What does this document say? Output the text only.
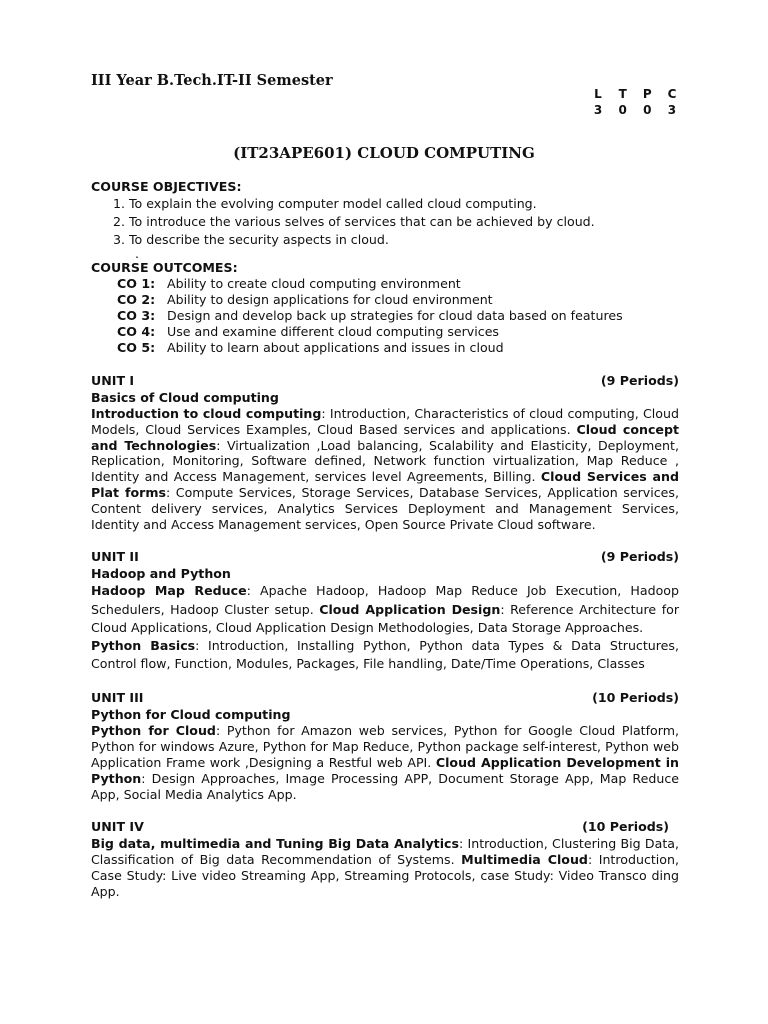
III Year B.Tech.IT-II Semester
L T P C
3 0 0 3
(IT23APE601) CLOUD COMPUTING
COURSE OBJECTIVES:
1. To explain the evolving computer model called cloud computing.
2. To introduce the various selves of services that can be achieved by cloud.
3. To describe the security aspects in cloud.
.
COURSE OUTCOMES:
CO 1: Ability to create cloud computing environment
CO 2: Ability to design applications for cloud environment
CO 3: Design and develop back up strategies for cloud data based on features
CO 4: Use and examine different cloud computing services
CO 5: Ability to learn about applications and issues in cloud
UNIT I	(9 Periods)
Basics of Cloud computing
Introduction to cloud computing: Introduction, Characteristics of cloud computing, Cloud Models, Cloud Services Examples, Cloud Based services and applications. Cloud concept and Technologies: Virtualization ,Load balancing, Scalability and Elasticity, Deployment, Replication, Monitoring, Software defined, Network function virtualization, Map Reduce , Identity and Access Management, services level Agreements, Billing. Cloud Services and Plat forms: Compute Services, Storage Services, Database Services, Application services, Content delivery services, Analytics Services Deployment and Management Services, Identity and Access Management services, Open Source Private Cloud software.
UNIT II	(9 Periods)
Hadoop and Python
Hadoop Map Reduce: Apache Hadoop, Hadoop Map Reduce Job Execution, Hadoop Schedulers, Hadoop Cluster setup. Cloud Application Design: Reference Architecture for Cloud Applications, Cloud Application Design Methodologies, Data Storage Approaches.
Python Basics: Introduction, Installing Python, Python data Types & Data Structures, Control flow, Function, Modules, Packages, File handling, Date/Time Operations, Classes
UNIT III	(10 Periods)
Python for Cloud computing
Python for Cloud: Python for Amazon web services, Python for Google Cloud Platform, Python for windows Azure, Python for Map Reduce, Python package self-interest, Python web Application Frame work ,Designing a Restful web API. Cloud Application Development in Python: Design Approaches, Image Processing APP, Document Storage App, Map Reduce App, Social Media Analytics App.
UNIT IV	(10 Periods)
Big data, multimedia and Tuning Big Data Analytics: Introduction, Clustering Big Data, Classification of Big data Recommendation of Systems. Multimedia Cloud: Introduction, Case Study: Live video Streaming App, Streaming Protocols, case Study: Video Transco ding App.
